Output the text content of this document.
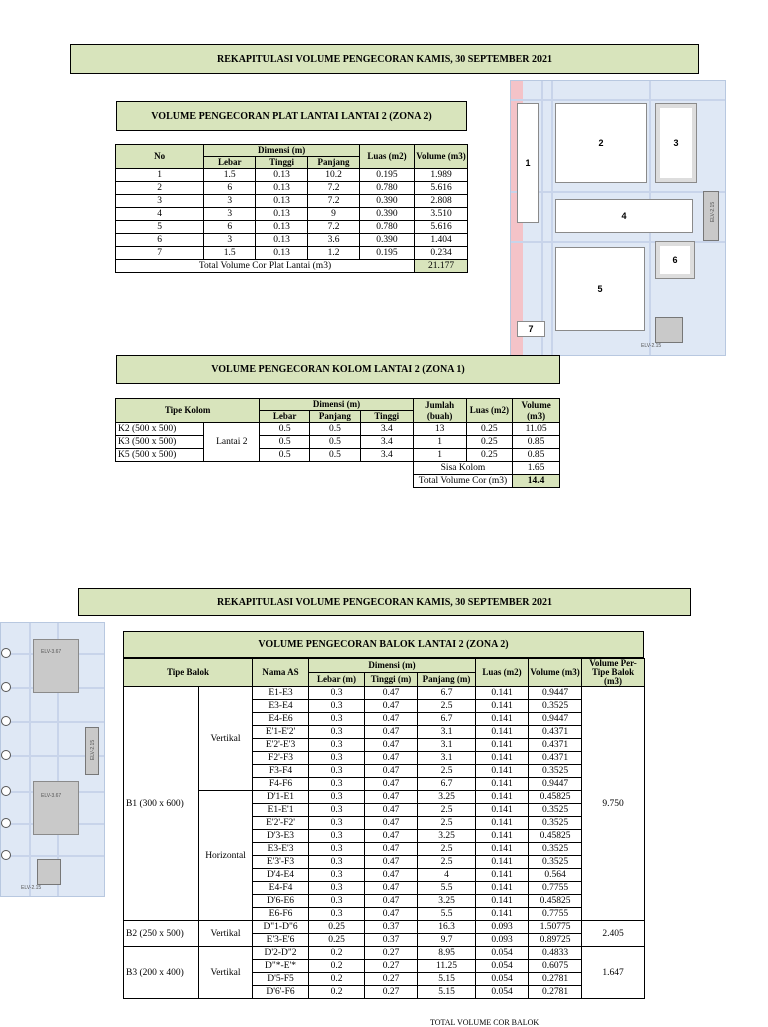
REKAPITULASI VOLUME PENGECORAN KAMIS, 30 SEPTEMBER 2021
VOLUME PENGECORAN PLAT LANTAI LANTAI 2 (ZONA 2)
No	Dimensi (m)			Luas (m2)	Volume (m3)
	Lebar	Tinggi	Panjang		
1	1.5	0.13	10.2	0.195	1.989
2	6	0.13	7.2	0.780	5.616
3	3	0.13	7.2	0.390	2.808
4	3	0.13	9	0.390	3.510
5	6	0.13	7.2	0.780	5.616
6	3	0.13	3.6	0.390	1.404
7	1.5	0.13	1.2	0.195	0.234
Total Volume Cor Plat Lantai (m3)					21.177
1
2	3
4
5
6
7
ELV-2.15
ELV-2.15
VOLUME PENGECORAN KOLOM LANTAI 2 (ZONA 1)
Tipe Kolom		Dimensi (m)			Jumlah (buah)	Luas (m2)	Volume (m3)
		Lebar	Panjang	Tinggi			
K2 (500 x 500)	Lantai 2	0.5	0.5	3.4	13	0.25	11.05
K3 (500 x 500)		0.5	0.5	3.4	1	0.25	0.85
K5 (500 x 500)		0.5	0.5	3.4	1	0.25	0.85
					Sisa Kolom		1.65
					Total Volume Cor (m3)		14.4
REKAPITULASI VOLUME PENGECORAN KAMIS, 30 SEPTEMBER 2021
ELV-3.67
ELV-3.67
ELV-2.15
ELV-2.15
VOLUME PENGECORAN BALOK LANTAI 2 (ZONA 2)
Tipe Balok		Nama AS	Dimensi (m)			Luas (m2)	Volume (m3)	Volume Per-Tipe Balok (m3)
			Lebar (m)	Tinggi (m)	Panjang (m)			
B1 (300 x 600)	Vertikal	E1-E3	0.3	0.47	6.7	0.141	0.9447	9.750
		E3-E4	0.3	0.47	2.5	0.141	0.3525	
		E4-E6	0.3	0.47	6.7	0.141	0.9447	
		E'1-E'2'	0.3	0.47	3.1	0.141	0.4371	
		E'2'-E'3	0.3	0.47	3.1	0.141	0.4371	
		F2'-F3	0.3	0.47	3.1	0.141	0.4371	
		F3-F4	0.3	0.47	2.5	0.141	0.3525	
		F4-F6	0.3	0.47	6.7	0.141	0.9447	
	Horizontal	D'1-E1	0.3	0.47	3.25	0.141	0.45825	
		E1-E'1	0.3	0.47	2.5	0.141	0.3525	
		E'2'-F2'	0.3	0.47	2.5	0.141	0.3525	
		D'3-E3	0.3	0.47	3.25	0.141	0.45825	
		E3-E'3	0.3	0.47	2.5	0.141	0.3525	
		E'3'-F3	0.3	0.47	2.5	0.141	0.3525	
		D'4-E4	0.3	0.47	4	0.141	0.564	
		E4-F4	0.3	0.47	5.5	0.141	0.7755	
		D'6-E6	0.3	0.47	3.25	0.141	0.45825	
		E6-F6	0.3	0.47	5.5	0.141	0.7755	
B2 (250 x 500)	Vertikal	D"1-D"6	0.25	0.37	16.3	0.093	1.50775	2.405
		E'3-E'6	0.25	0.37	9.7	0.093	0.89725	
B3 (200 x 400)	Vertikal	D'2-D"2	0.2	0.27	8.95	0.054	0.4833	1.647
		D"*-E'*	0.2	0.27	11.25	0.054	0.6075	
		D'5-F5	0.2	0.27	5.15	0.054	0.2781	
		D'6'-F6	0.2	0.27	5.15	0.054	0.2781	
TOTAL VOLUME COR BALOK
